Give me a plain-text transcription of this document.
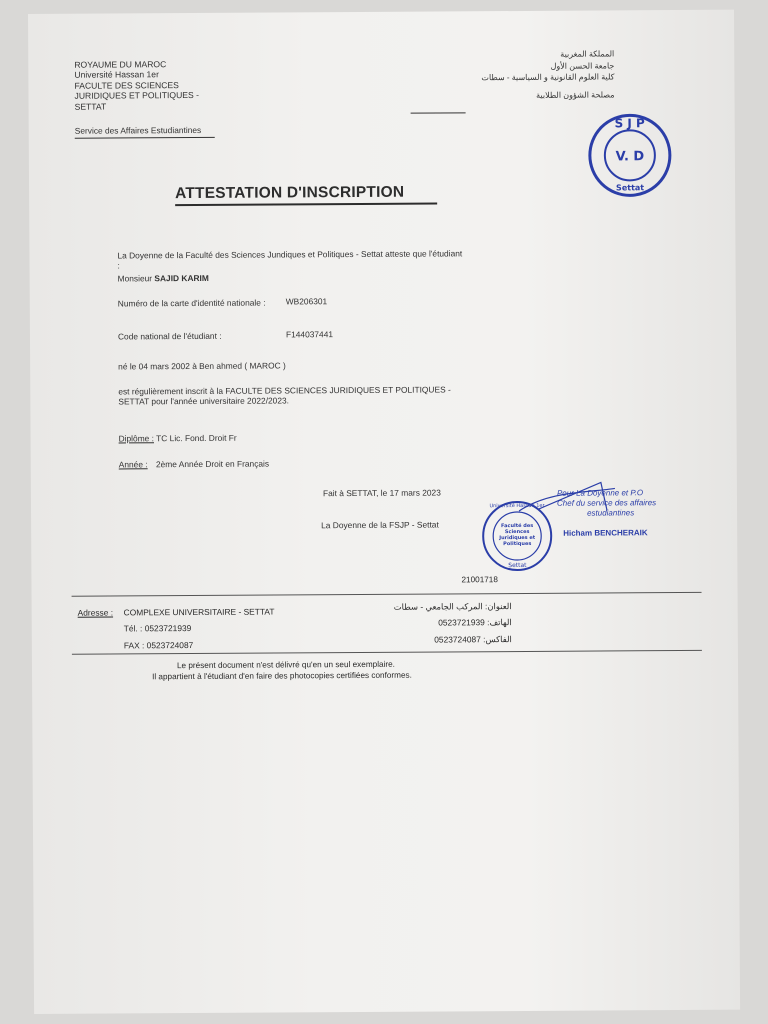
ROYAUME DU MAROC
Université Hassan 1er
FACULTE DES SCIENCES
JURIDIQUES ET POLITIQUES -
SETTAT
Service des Affaires Estudiantines
المملكة المغربية
جامعة الحسن الأول
كلية العلوم القانونية و السياسية - سطات
مصلحة الشؤون الطلابية
S J P
V. D
Settat
ATTESTATION D'INSCRIPTION
La Doyenne de la Faculté des Sciences Jundiques et Politiques - Settat atteste que l'étudiant :
Monsieur SAJID KARIM
Numéro de la carte d'identité nationale : WB206301
Code national de l'étudiant :	F144037441
né le 04 mars 2002 à Ben ahmed ( MAROC )
est régulièrement inscrit à la FACULTE DES SCIENCES JURIDIQUES ET POLITIQUES - SETTAT pour l'année universitaire 2022/2023.
Diplôme : TC Lic. Fond. Droit Fr
Année : 2ème Année Droit en Français
Fait à SETTAT, le 17 mars 2023
La Doyenne de la FSJP - Settat
Université Hassan 1er
Faculté des Sciences Juridiques et Politiques
Settat
Pour La Doyenne et P.O
Chef du service des affaires
estudiantines
Hicham BENCHERAIK
21001718
Adresse : COMPLEXE UNIVERSITAIRE - SETTAT
Tél. : 0523721939
FAX : 0523724087
العنوان: المركب الجامعي - سطات
0523721939 :الهاتف
0523724087 :الفاكس
Le présent document n'est délivré qu'en un seul exemplaire.
Il appartient à l'étudiant d'en faire des photocopies certifiées conformes.
